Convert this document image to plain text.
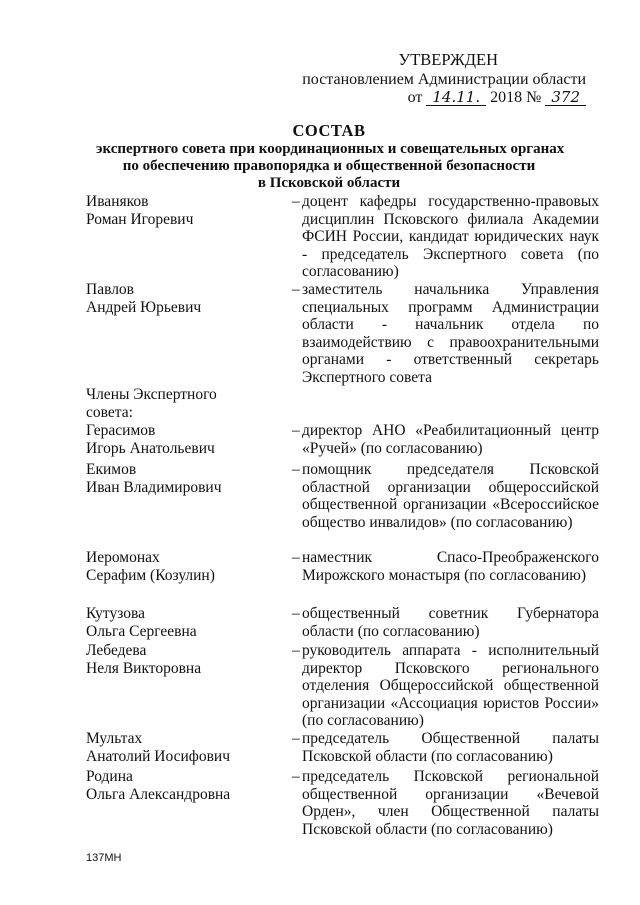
УТВЕРЖДЕН
постановлением Администрации области
от 14.11. 2018 № 372
СОСТАВ
экспертного совета при координационных и совещательных органах
по обеспечению правопорядка и общественной безопасности
в Псковской области
Иваняков
Роман Игоревич
– доцент кафедры государственно-правовых дисциплин Псковского филиала Академии ФСИН России, кандидат юридических наук - председатель Экспертного совета (по согласованию)
Павлов
Андрей Юрьевич
– заместитель начальника Управления специальных программ Администрации области - начальник отдела по взаимодействию с правоохранительными органами - ответственный секретарь Экспертного совета
Члены Экспертного совета:
Герасимов
Игорь Анатольевич
– директор АНО «Реабилитационный центр «Ручей» (по согласованию)
Екимов
Иван Владимирович
– помощник председателя Псковской областной организации общероссийской общественной организации «Всероссийское общество инвалидов» (по согласованию)
Иеромонах
Серафим (Козулин)
– наместник Спасо-Преображенского Мирожского монастыря (по согласованию)
Кутузова
Ольга Сергеевна
– общественный советник Губернатора области (по согласованию)
Лебедева
Неля Викторовна
– руководитель аппарата - исполнительный директор Псковского регионального отделения Общероссийской общественной организации «Ассоциация юристов России» (по согласованию)
Мультах
Анатолий Иосифович
– председатель Общественной палаты Псковской области (по согласованию)
Родина
Ольга Александровна
– председатель Псковской региональной общественной организации «Вечевой Орден», член Общественной палаты Псковской области (по согласованию)
137МН
